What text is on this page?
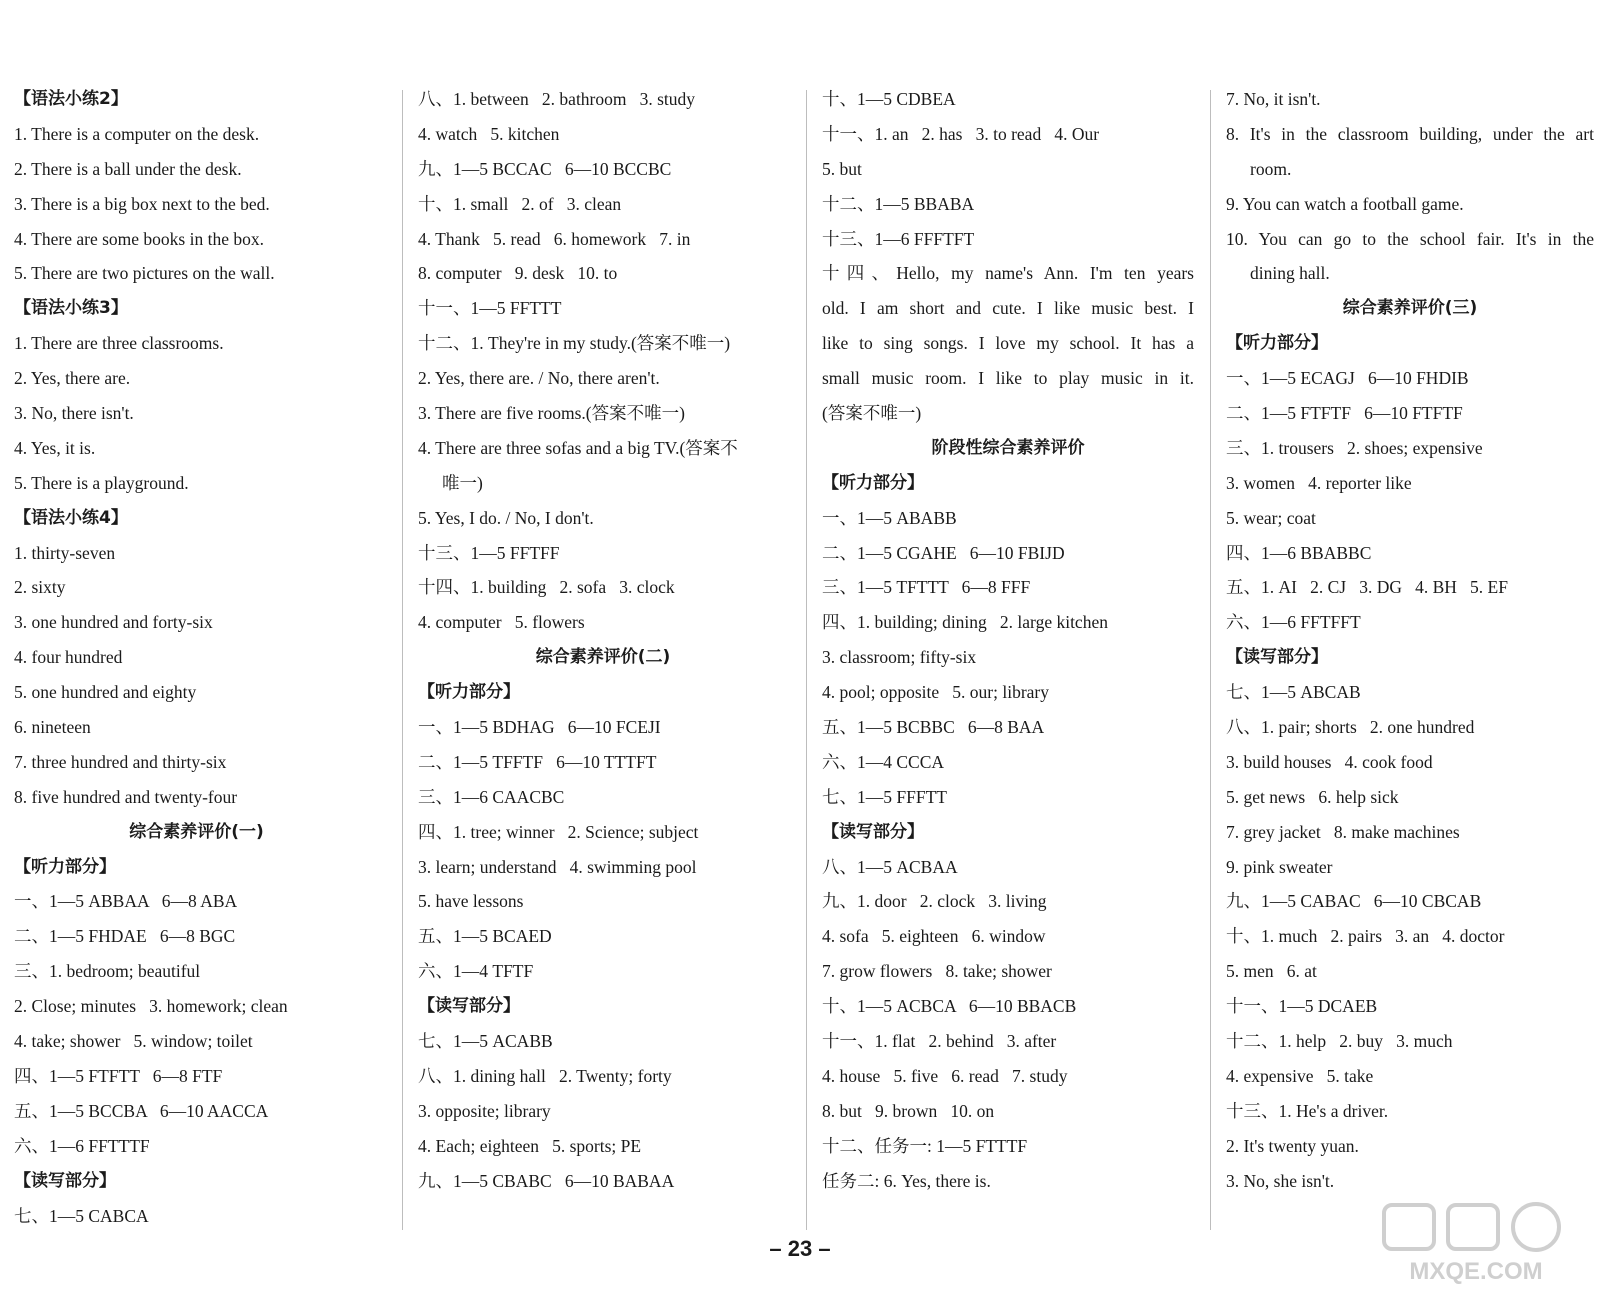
【语法小练2】
1. There is a computer on the desk.
2. There is a ball under the desk.
3. There is a big box next to the bed.
4. There are some books in the box.
5. There are two pictures on the wall.
【语法小练3】
1. There are three classrooms.
2. Yes, there are.
3. No, there isn't.
4. Yes, it is.
5. There is a playground.
【语法小练4】
1. thirty-seven
2. sixty
3. one hundred and forty-six
4. four hundred
5. one hundred and eighty
6. nineteen
7. three hundred and thirty-six
8. five hundred and twenty-four
综合素养评价(一)
【听力部分】
一、1—5 ABBAA   6—8 ABA
二、1—5 FHDAE   6—8 BGC
三、1. bedroom; beautiful
2. Close; minutes   3. homework; clean
4. take; shower   5. window; toilet
四、1—5 FTFTT   6—8 FTF
五、1—5 BCCBA   6—10 AACCA
六、1—6 FFTTTF
【读写部分】
七、1—5 CABCA
八、1. between   2. bathroom   3. study
4. watch   5. kitchen
九、1—5 BCCAC   6—10 BCCBC
十、1. small   2. of   3. clean
4. Thank   5. read   6. homework   7. in
8. computer   9. desk   10. to
十一、1—5 FFTTT
十二、1. They're in my study.(答案不唯一)
2. Yes, there are. / No, there aren't.
3. There are five rooms.(答案不唯一)
4. There are three sofas and a big TV.(答案不
唯一)
5. Yes, I do. / No, I don't.
十三、1—5 FFTFF
十四、1. building   2. sofa   3. clock
4. computer   5. flowers
综合素养评价(二)
【听力部分】
一、1—5 BDHAG   6—10 FCEJI
二、1—5 TFFTF   6—10 TTTFT
三、1—6 CAACBC
四、1. tree; winner   2. Science; subject
3. learn; understand   4. swimming pool
5. have lessons
五、1—5 BCAED
六、1—4 TFTF
【读写部分】
七、1—5 ACABB
八、1. dining hall   2. Twenty; forty
3. opposite; library
4. Each; eighteen   5. sports; PE
九、1—5 CBABC   6—10 BABAA
十、1—5 CDBEA
十一、1. an   2. has   3. to read   4. Our
5. but
十二、1—5 BBABA
十三、1—6 FFFTFT
十四、Hello, my name's Ann. I'm ten years
old. I am short and cute. I like music best. I
like to sing songs. I love my school. It has a
small music room. I like to play music in it.
(答案不唯一)
阶段性综合素养评价
【听力部分】
一、1—5 ABABB
二、1—5 CGAHE   6—10 FBIJD
三、1—5 TFTTT   6—8 FFF
四、1. building; dining   2. large kitchen
3. classroom; fifty-six
4. pool; opposite   5. our; library
五、1—5 BCBBC   6—8 BAA
六、1—4 CCCA
七、1—5 FFFTT
【读写部分】
八、1—5 ACBAA
九、1. door   2. clock   3. living
4. sofa   5. eighteen   6. window
7. grow flowers   8. take; shower
十、1—5 ACBCA   6—10 BBACB
十一、1. flat   2. behind   3. after
4. house   5. five   6. read   7. study
8. but   9. brown   10. on
十二、任务一: 1—5 FTTTF
任务二: 6. Yes, there is.
7. No, it isn't.
8. It's in the classroom building, under the art
room.
9. You can watch a football game.
10. You can go to the school fair. It's in the
dining hall.
综合素养评价(三)
【听力部分】
一、1—5 ECAGJ   6—10 FHDIB
二、1—5 FTFTF   6—10 FTFTF
三、1. trousers   2. shoes; expensive
3. women   4. reporter like
5. wear; coat
四、1—6 BBABBC
五、1. AI   2. CJ   3. DG   4. BH   5. EF
六、1—6 FFTFFT
【读写部分】
七、1—5 ABCAB
八、1. pair; shorts   2. one hundred
3. build houses   4. cook food
5. get news   6. help sick
7. grey jacket   8. make machines
9. pink sweater
九、1—5 CABAC   6—10 CBCAB
十、1. much   2. pairs   3. an   4. doctor
5. men   6. at
十一、1—5 DCAEB
十二、1. help   2. buy   3. much
4. expensive   5. take
十三、1. He's a driver.
2. It's twenty yuan.
3. No, she isn't.
– 23 –
MXQE.COM
